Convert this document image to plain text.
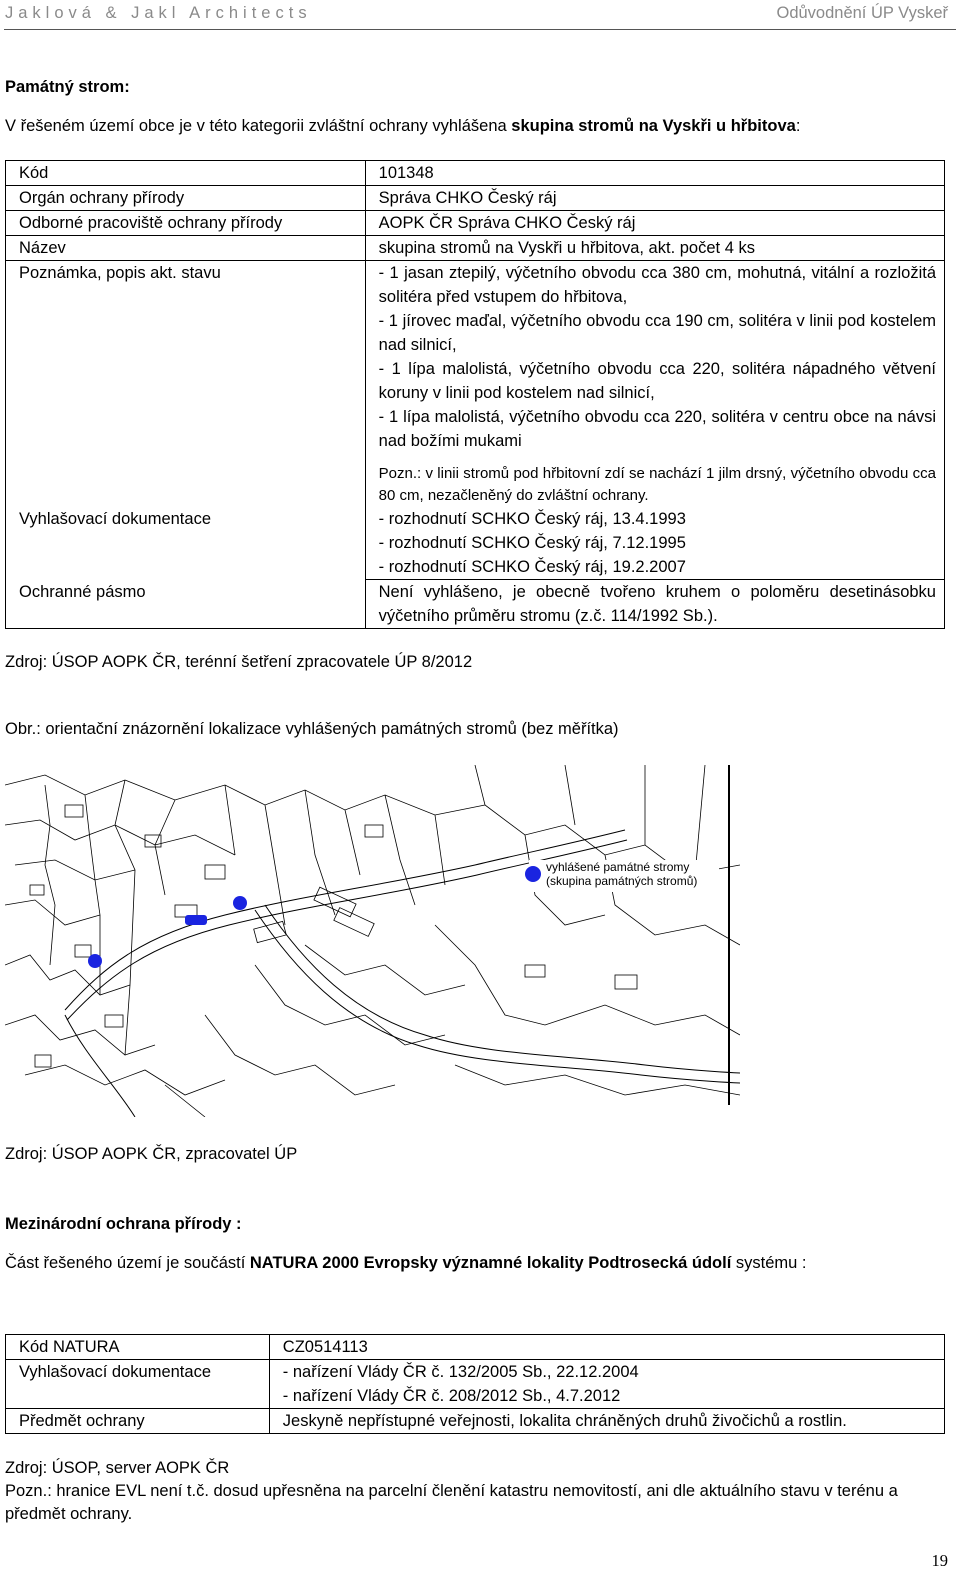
Jaklová & Jakl Architects	Odůvodnění ÚP Vyskeř
Památný strom:

V řešeném území obce je v této kategorii zvláštní ochrany vyhlášena skupina stromů na Vyskři u hřbitova:

Kód	101348
Orgán ochrany přírody	Správa CHKO Český ráj
Odborné pracoviště ochrany přírody	AOPK ČR Správa CHKO Český ráj
Název	skupina stromů na Vyskři u hřbitova, akt. počet 4 ks
Poznámka, popis akt. stavu	- 1 jasan ztepilý, výčetního obvodu cca 380 cm, mohutná, vitální a rozložitá solitéra před vstupem do hřbitova,
- 1 jírovec maďal, výčetního obvodu cca 190 cm, solitéra v linii pod kostelem nad silnicí,
- 1 lípa malolistá, výčetního obvodu cca 220, solitéra nápadného větvení koruny v linii pod kostelem nad silnicí,
- 1 lípa malolistá, výčetního obvodu cca 220, solitéra v centru obce na návsi nad božími mukami
Pozn.: v linii stromů pod hřbitovní zdí se nachází 1 jilm drsný, výčetního obvodu cca 80 cm, nezačleněný do zvláštní ochrany.

Vyhlašovací dokumentace	- rozhodnutí SCHKO Český ráj, 13.4.1993
- rozhodnutí SCHKO Český ráj, 7.12.1995
- rozhodnutí SCHKO Český ráj, 19.2.2007

Ochranné pásmo	Není vyhlášeno, je obecně tvořeno kruhem o poloměru desetinásobku výčetního průměru stromu (z.č. 114/1992 Sb.).
Zdroj: ÚSOP AOPK ČR, terénní šetření zpracovatele ÚP 8/2012
Obr.: orientační znázornění lokalizace vyhlášených památných stromů (bez měřítka)
vyhlášené památné stromy
(skupina památných stromů)
Zdroj: ÚSOP AOPK ČR, zpracovatel ÚP
Mezinárodní ochrana přírody :

Část řešeného území je součástí NATURA 2000 Evropsky významné lokality Podtrosecká údolí systému :

Kód NATURA	CZ0514113
Vyhlašovací dokumentace	- nařízení Vlády ČR č. 132/2005 Sb., 22.12.2004
- nařízení Vlády ČR č. 208/2012 Sb., 4.7.2012

Předmět ochrany	Jeskyně nepřístupné veřejnosti, lokalita chráněných druhů živočichů a rostlin.
Zdroj: ÚSOP, server AOPK ČR

Pozn.: hranice EVL není t.č. dosud upřesněna na parcelní členění katastru nemovitostí, ani dle aktuálního stavu v terénu a předmět ochrany.

19
